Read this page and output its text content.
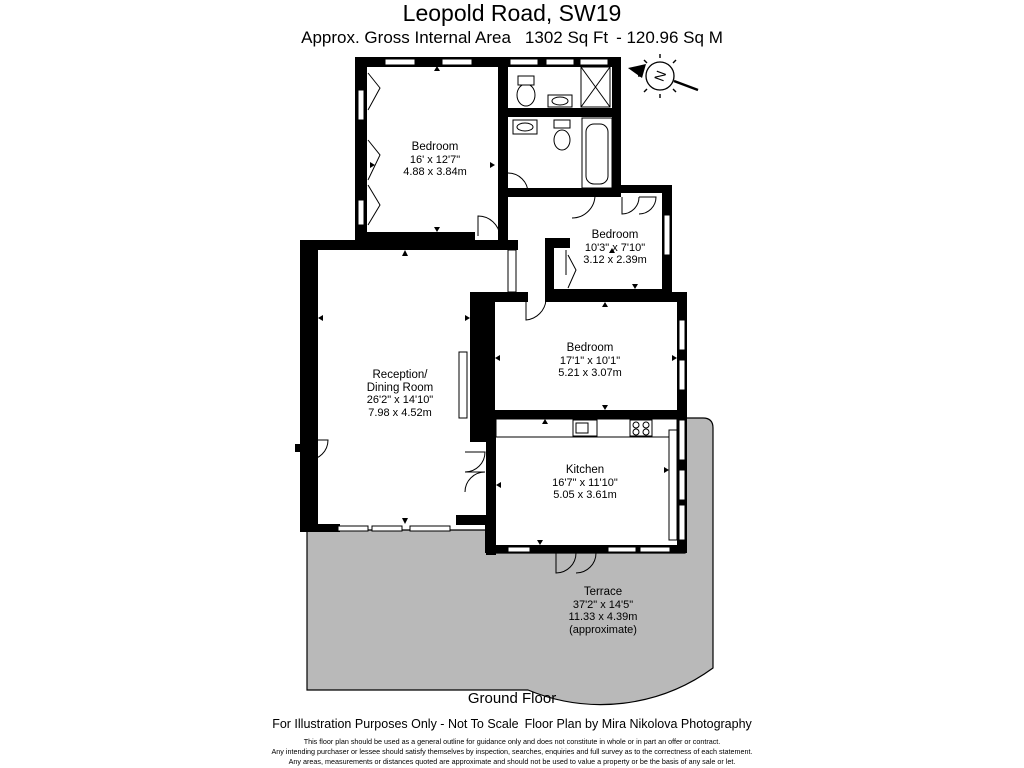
Leopold Road, SW19
Approx. Gross Internal Area 1302 Sq Ft - 120.96 Sq M
N
Bedroom
16' x 12'7"
4.88 x 3.84m
Bedroom
10'3" x 7'10"
3.12 x 2.39m
Bedroom
17'1" x 10'1"
5.21 x 3.07m
Reception/
Dining Room
26'2" x 14'10"
7.98 x 4.52m
Kitchen
16'7" x 11'10"
5.05 x 3.61m
Terrace
37'2" x 14'5"
11.33 x 4.39m
(approximate)
Ground Floor
For Illustration Purposes Only - Not To Scale Floor Plan by Mira Nikolova Photography
This floor plan should be used as a general outline for guidance only and does not constitute in whole or in part an offer or contract.
Any intending purchaser or lessee should satisfy themselves by inspection, searches, enquiries and full survey as to the correctness of each statement.
Any areas, measurements or distances quoted are approximate and should not be used to value a property or be the basis of any sale or let.
